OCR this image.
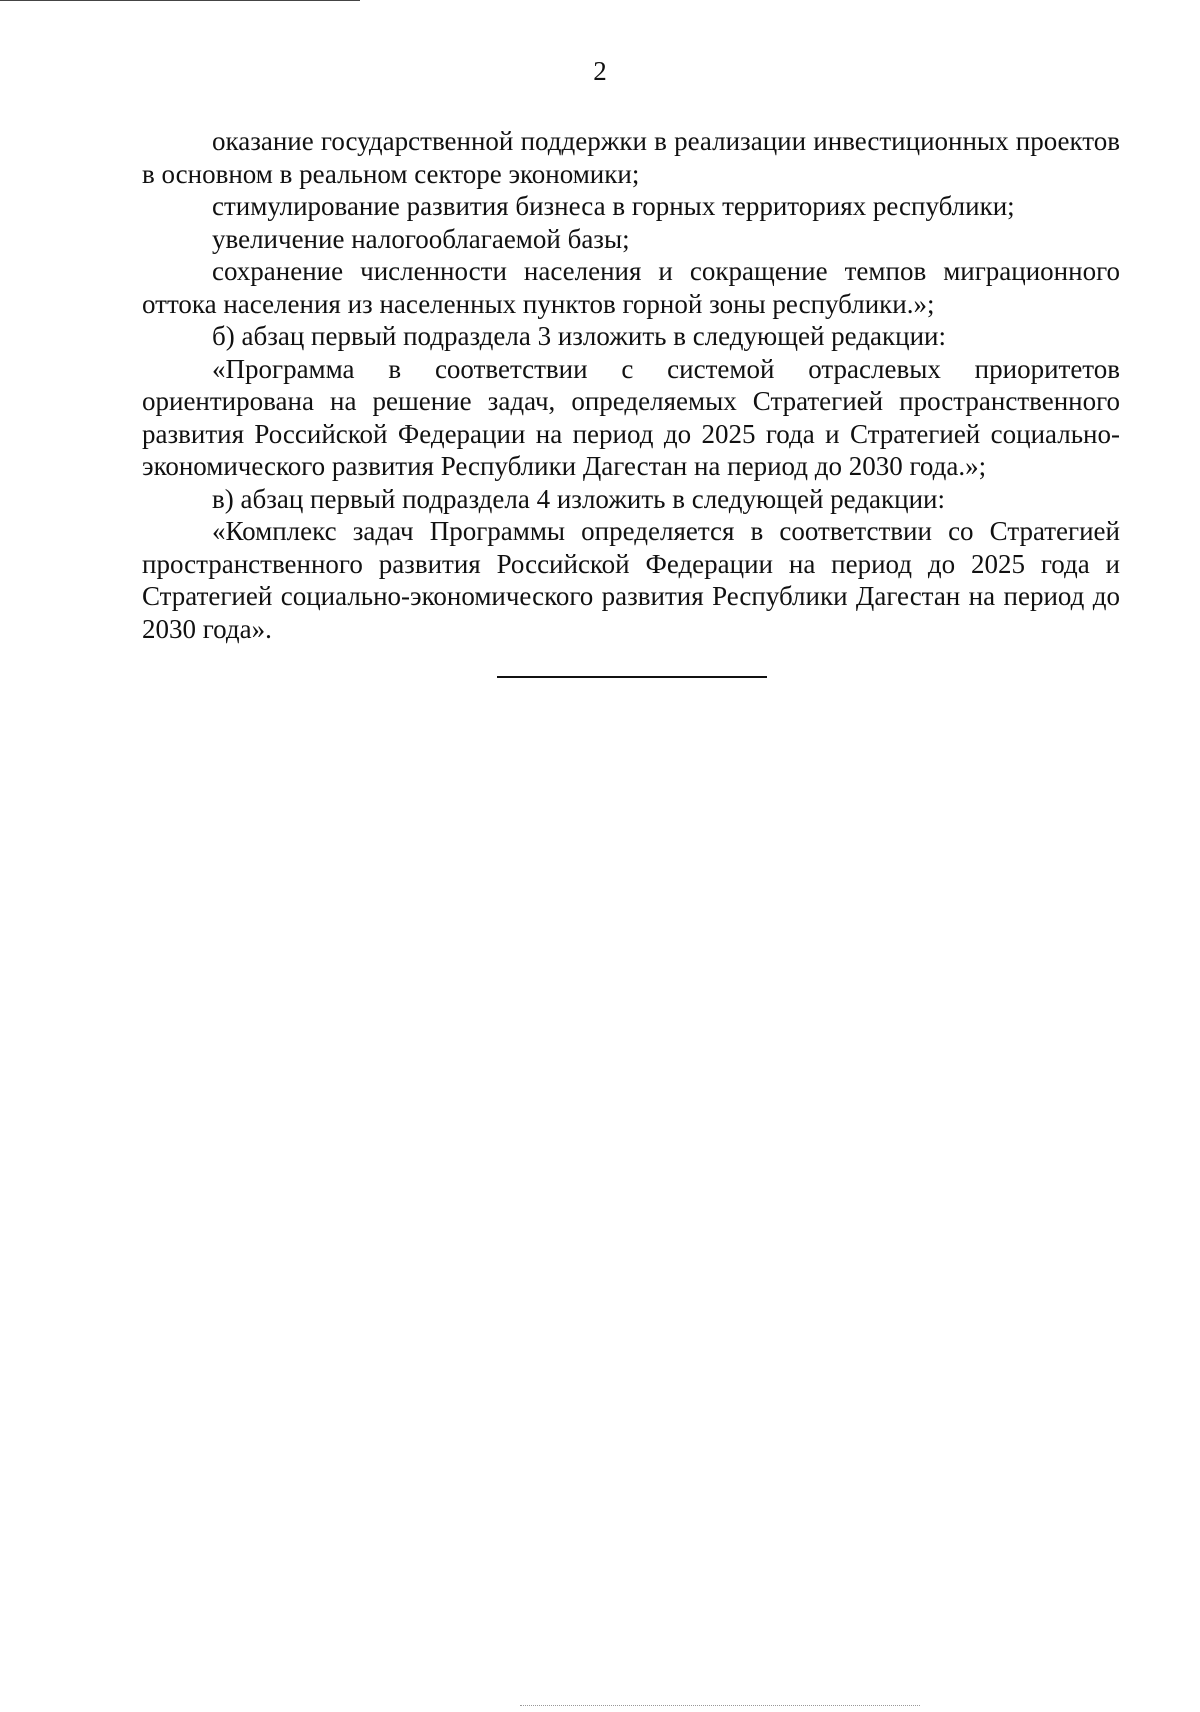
2

оказание государственной поддержки в реализации инвестиционных проектов в основном в реальном секторе экономики;

стимулирование развития бизнеса в горных территориях республики;

увеличение налогооблагаемой базы;

сохранение численности населения и сокращение темпов миграционного оттока населения из населенных пунктов горной зоны республики.»;

б) абзац первый подраздела 3 изложить в следующей редакции:

«Программа в соответствии с системой отраслевых приоритетов ориентирована на решение задач, определяемых Стратегией пространственного развития Российской Федерации на период до 2025 года и Стратегией социально-экономического развития Республики Дагестан на период до 2030 года.»;

в) абзац первый подраздела 4 изложить в следующей редакции:

«Комплекс задач Программы определяется в соответствии со Стратегией пространственного развития Российской Федерации на период до 2025 года и Стратегией социально-экономического развития Республики Дагестан на период до 2030 года».
